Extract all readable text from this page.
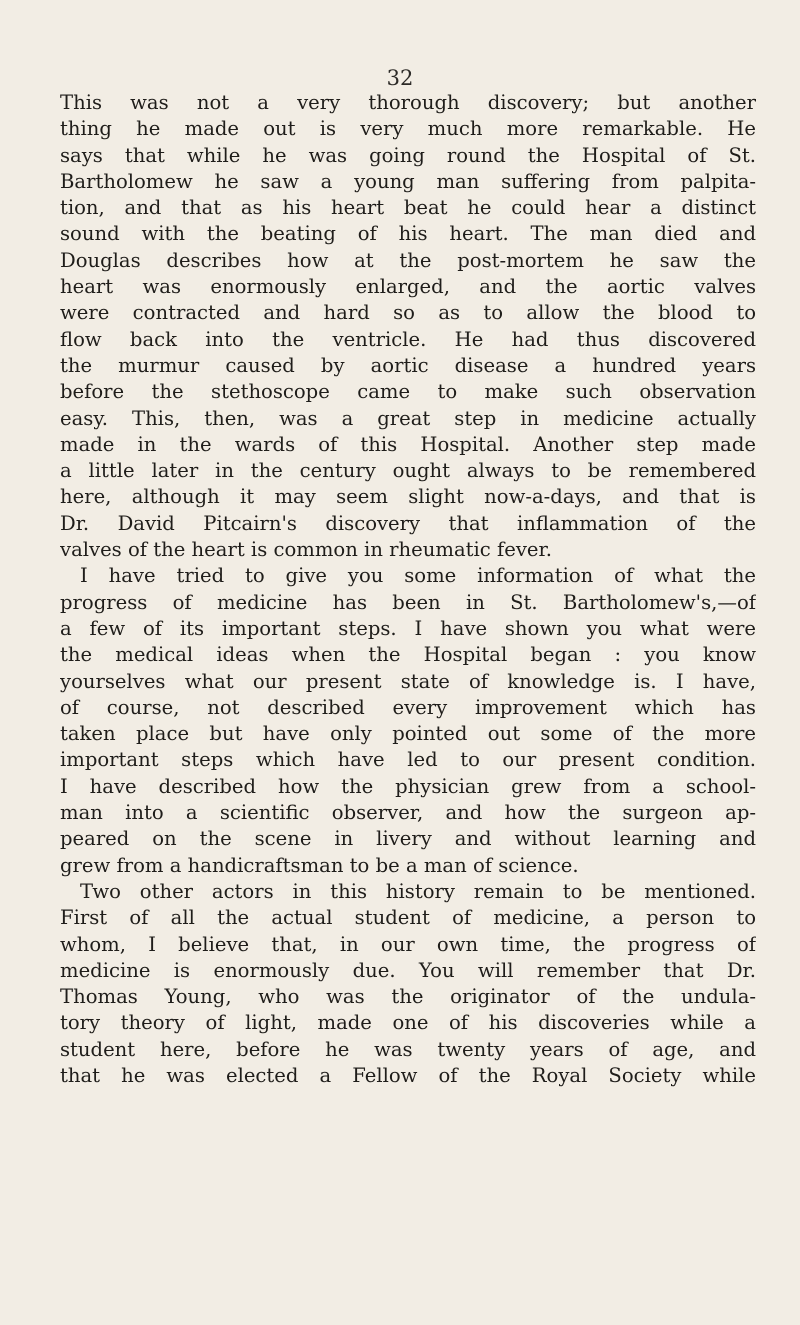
32
This was not a very thorough discovery; but another
thing he made out is very much more remarkable. He
says that while he was going round the Hospital of St.
Bartholomew he saw a young man suffering from palpita-
tion, and that as his heart beat he could hear a distinct
sound with the beating of his heart. The man died and
Douglas describes how at the post-mortem he saw the
heart was enormously enlarged, and the aortic valves
were contracted and hard so as to allow the blood to
flow back into the ventricle. He had thus discovered
the murmur caused by aortic disease a hundred years
before the stethoscope came to make such observation
easy. This, then, was a great step in medicine actually
made in the wards of this Hospital. Another step made
a little later in the century ought always to be remembered
here, although it may seem slight now-a-days, and that is
Dr. David Pitcairn's discovery that inflammation of the
valves of the heart is common in rheumatic fever.
I have tried to give you some information of what the
progress of medicine has been in St. Bartholomew's,—of
a few of its important steps. I have shown you what were
the medical ideas when the Hospital began : you know
yourselves what our present state of knowledge is. I have,
of course, not described every improvement which has
taken place but have only pointed out some of the more
important steps which have led to our present condition.
I have described how the physician grew from a school-
man into a scientific observer, and how the surgeon ap-
peared on the scene in livery and without learning and
grew from a handicraftsman to be a man of science.
Two other actors in this history remain to be mentioned.
First of all the actual student of medicine, a person to
whom, I believe that, in our own time, the progress of
medicine is enormously due. You will remember that Dr.
Thomas Young, who was the originator of the undula-
tory theory of light, made one of his discoveries while a
student here, before he was twenty years of age, and
that he was elected a Fellow of the Royal Society while
